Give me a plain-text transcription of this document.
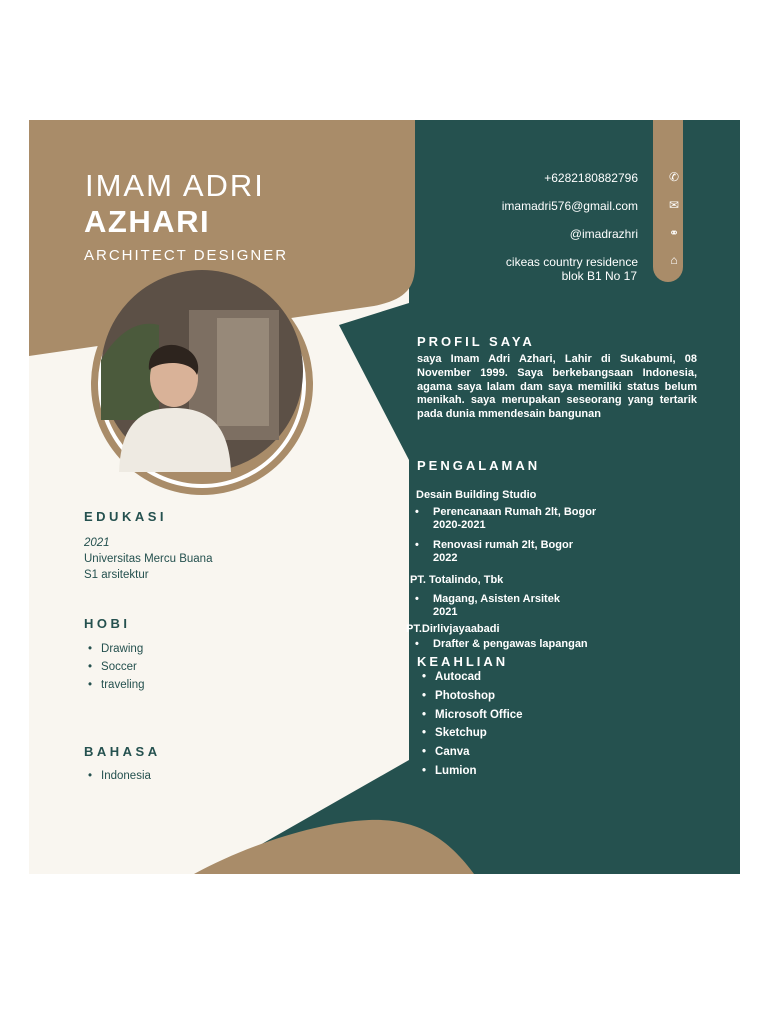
IMAM ADRI
AZHARI
ARCHITECT DESIGNER
+6282180882796
imamadri576@gmail.com
@imadrazhri
cikeas country residence
blok B1 No 17
✆
✉
⚭
⌂
EDUKASI
2021
Universitas Mercu Buana
S1 arsitektur
HOBI
• Drawing
• Soccer
• traveling
BAHASA
• Indonesia
PROFIL SAYA
saya Imam Adri Azhari, Lahir di Sukabumi, 08 November 1999. Saya berkebangsaan Indonesia, agama saya lalam dam saya memiliki status belum menikah. saya merupakan seseorang yang tertarik pada dunia mmendesain bangunan
PENGALAMAN
Desain Building Studio
• Perencanaan Rumah 2lt, Bogor
2020-2021
• Renovasi rumah 2lt, Bogor
2022
PT. Totalindo, Tbk
• Magang, Asisten Arsitek
2021
PT.Dirlivjayaabadi
• Drafter & pengawas lapangan
KEAHLIAN
• Autocad
• Photoshop
• Microsoft Office
• Sketchup
• Canva
• Lumion
